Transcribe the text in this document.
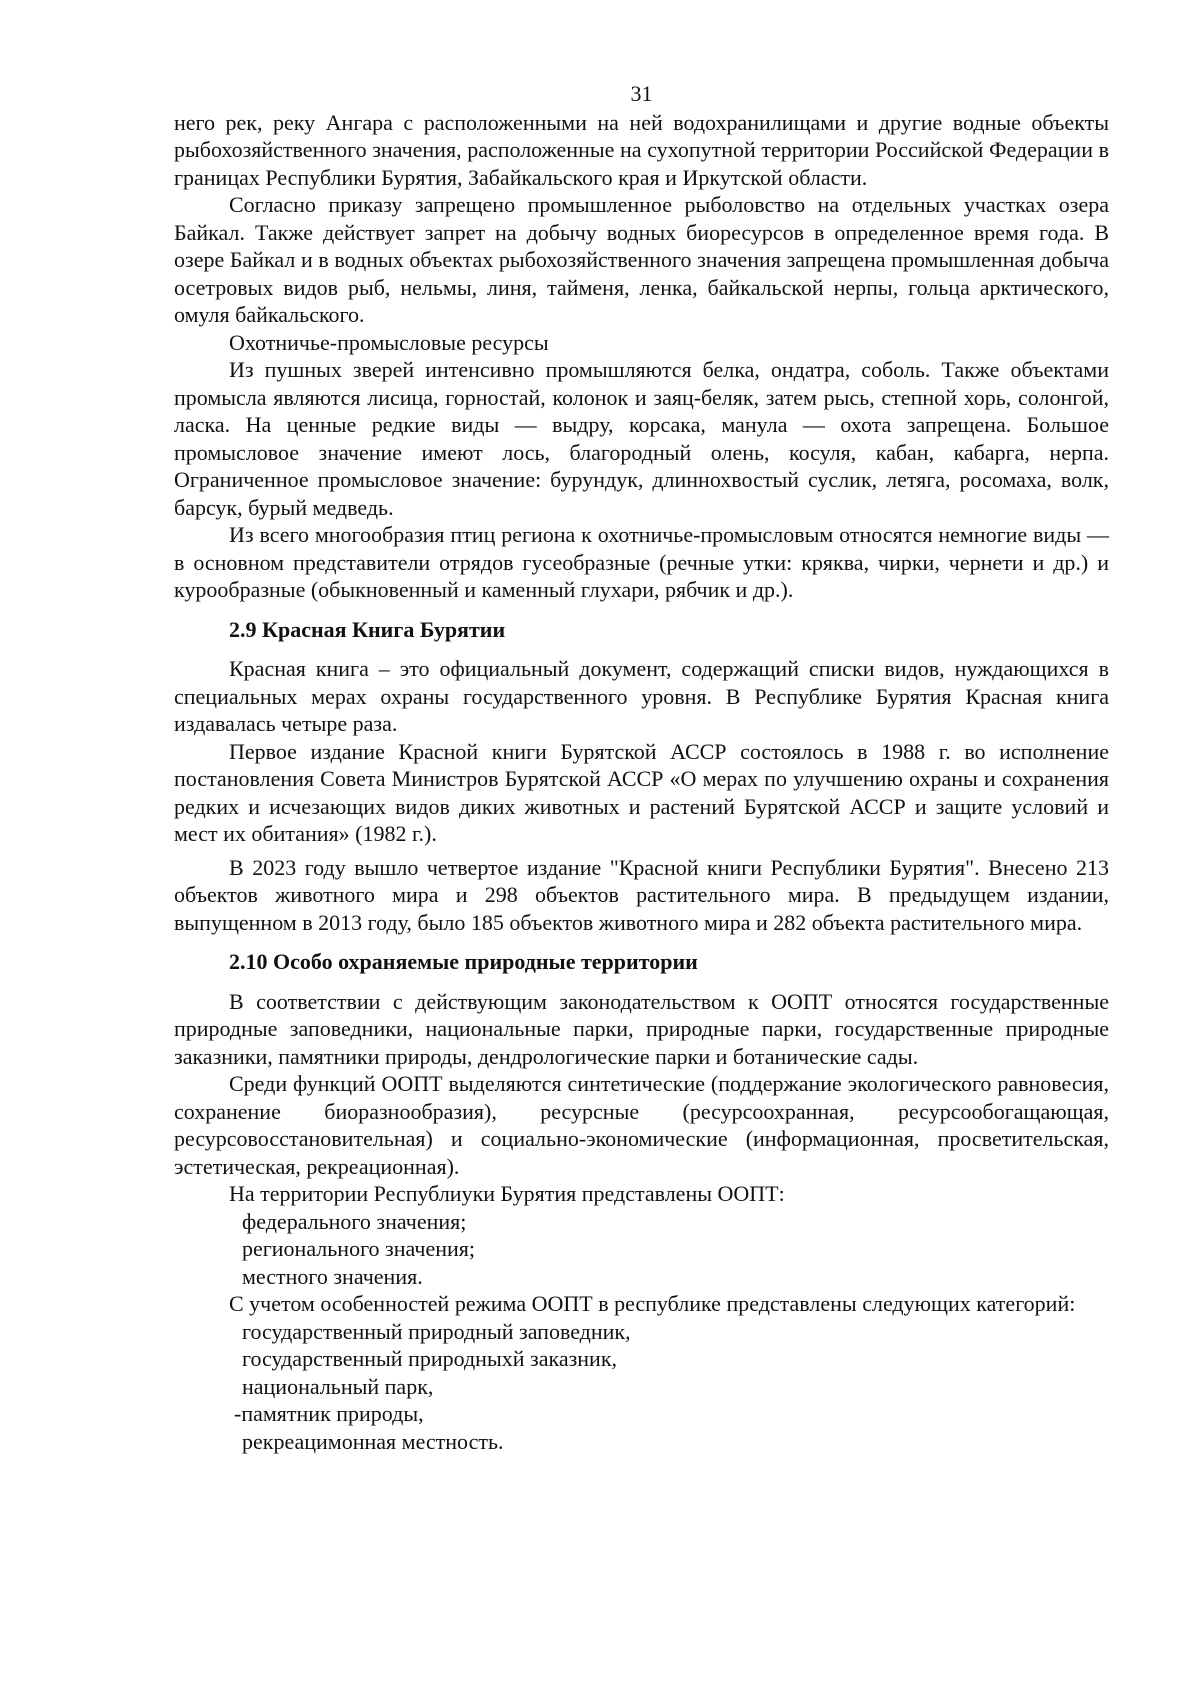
31

него рек, реку Ангара с расположенными на ней водохранилищами и другие водные объекты рыбохозяйственного значения, расположенные на сухопутной территории Российской Федерации в границах Республики Бурятия, Забайкальского края и Иркутской области.

Согласно приказу запрещено промышленное рыболовство на отдельных участках озера Байкал. Также действует запрет на добычу водных биоресурсов в определенное время года. В озере Байкал и в водных объектах рыбохозяйственного значения запрещена промышленная добыча осетровых видов рыб, нельмы, линя, тайменя, ленка, байкальской нерпы, гольца арктического, омуля байкальского.

Охотничье-промысловые ресурсы

Из пушных зверей интенсивно промышляются белка, ондатра, соболь. Также объектами промысла являются лисица, горностай, колонок и заяц-беляк, затем рысь, степной хорь, солонгой, ласка. На ценные редкие виды — выдру, корсака, манула — охота запрещена. Большое промысловое значение имеют лось, благородный олень, косуля, кабан, кабарга, нерпа. Ограниченное промысловое значение: бурундук, длиннохвостый суслик, летяга, росомаха, волк, барсук, бурый медведь.

Из всего многообразия птиц региона к охотничье-промысловым относятся немногие виды — в основном представители отрядов гусеобразные (речные утки: кряква, чирки, чернети и др.) и курообразные (обыкновенный и каменный глухари, рябчик и др.).

2.9 Красная Книга Бурятии

Красная книга – это официальный документ, содержащий списки видов, нуждающихся в специальных мерах охраны государственного уровня. В Республике Бурятия Красная книга издавалась четыре раза.

Первое издание Красной книги Бурятской АССР состоялось в 1988 г. во исполнение постановления Совета Министров Бурятской АССР «О мерах по улучшению охраны и сохранения редких и исчезающих видов диких животных и растений Бурятской АССР и защите условий и мест их обитания» (1982 г.).

В 2023 году вышло четвертое издание "Красной книги Республики Бурятия". Внесено 213 объектов животного мира и 298 объектов растительного мира. В предыдущем издании, выпущенном в 2013 году, было 185 объектов животного мира и 282 объекта растительного мира.

2.10 Особо охраняемые природные территории

В соответствии с действующим законодательством к ООПТ относятся государственные природные заповедники, национальные парки, природные парки, государственные природные заказники, памятники природы, дендрологические парки и ботанические сады.

Среди функций ООПТ выделяются синтетические (поддержание экологического равновесия, сохранение биоразнообразия), ресурсные (ресурсоохранная, ресурсообогащающая, ресурсовосстановительная) и социально-экономические (информационная, просветительская, эстетическая, рекреационная).

На территории Республиуки Бурятия представлены ООПТ:

федерального значения;

регионального значения;

местного значения.

С учетом особенностей режима ООПТ в республике представлены следующих категорий:

государственный природный заповедник,

государственный природныхй заказник,

национальный парк,

-памятник природы,

рекреацимонная местность.
